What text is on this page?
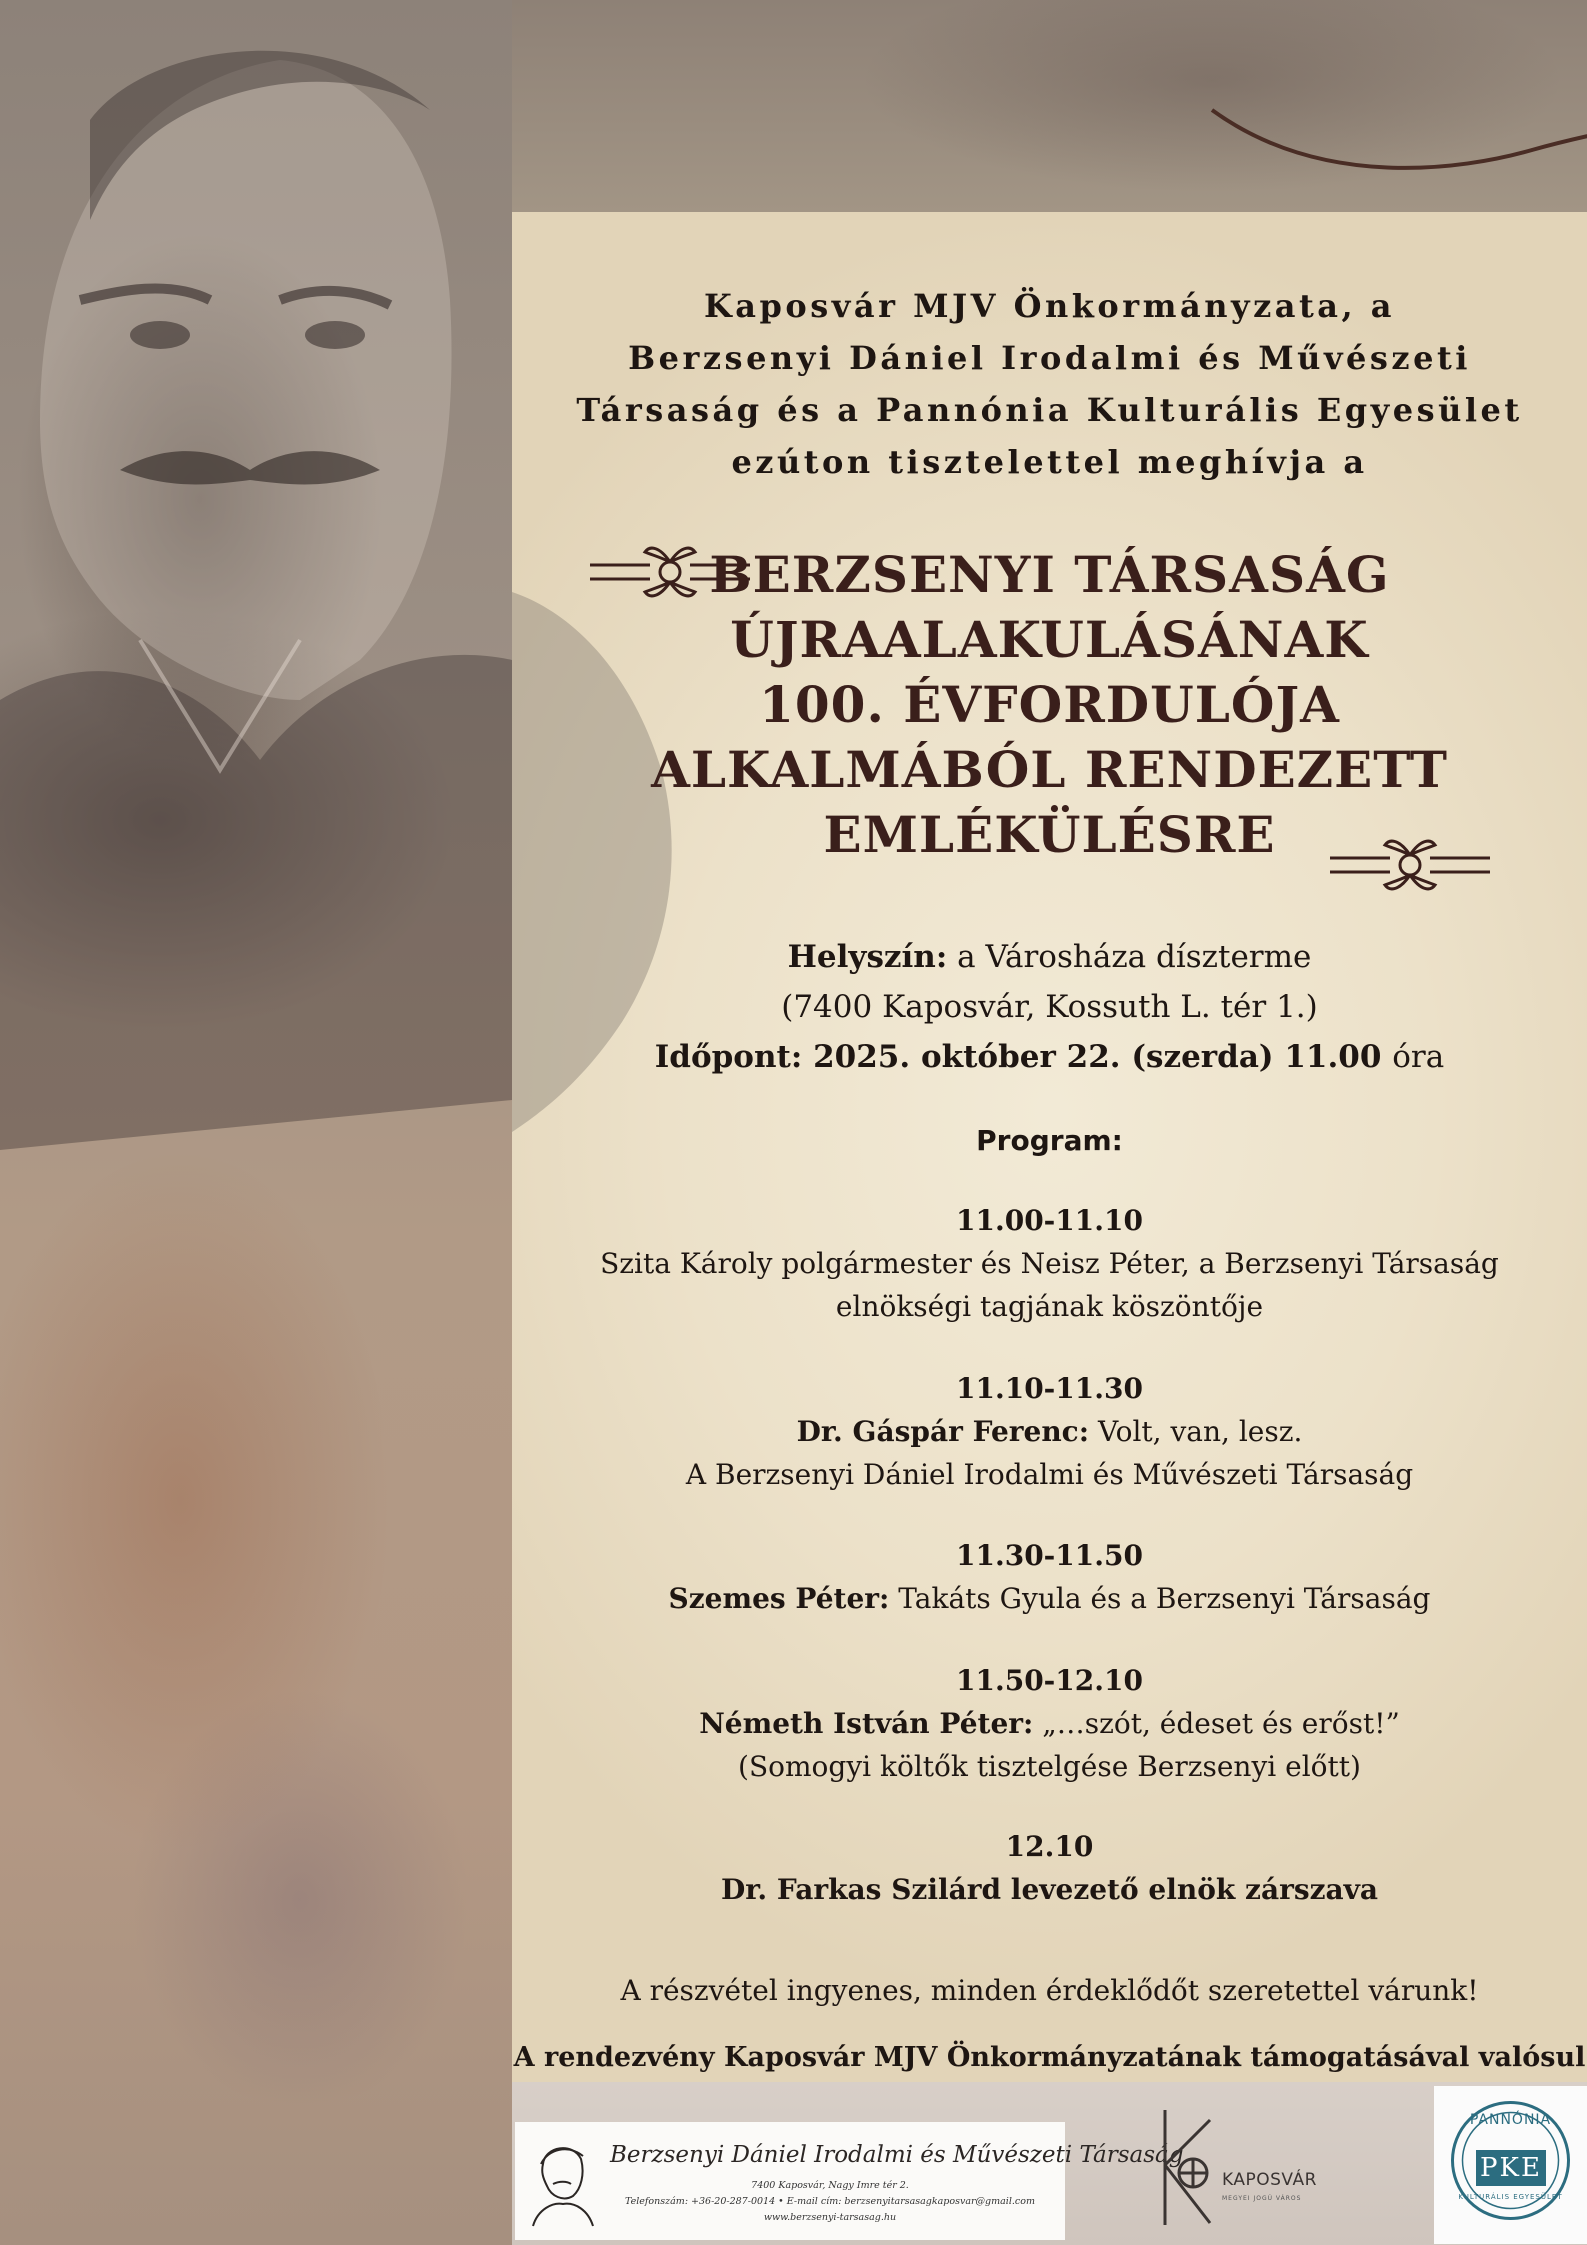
Kaposvár MJV Önkormányzata, a
Berzsenyi Dániel Irodalmi és Művészeti
Társaság és a Pannónia Kulturális Egyesület
ezúton tisztelettel meghívja a
BERZSENYI TÁRSASÁG
ÚJRAALAKULÁSÁNAK
100. ÉVFORDULÓJA
ALKALMÁBÓL RENDEZETT
EMLÉKÜLÉSRE
Helyszín: a Városháza díszterme
(7400 Kaposvár, Kossuth L. tér 1.)
Időpont: 2025. október 22. (szerda) 11.00 óra
Program:
11.00-11.10
Szita Károly polgármester és Neisz Péter, a Berzsenyi Társaság
elnökségi tagjának köszöntője
11.10-11.30
Dr. Gáspár Ferenc: Volt, van, lesz.
A Berzsenyi Dániel Irodalmi és Művészeti Társaság
11.30-11.50
Szemes Péter: Takáts Gyula és a Berzsenyi Társaság
11.50-12.10
Németh István Péter: „…szót, édeset és erőst!”
(Somogyi költők tisztelgése Berzsenyi előtt)
12.10
Dr. Farkas Szilárd levezető elnök zárszava
A részvétel ingyenes, minden érdeklődőt szeretettel várunk!
A rendezvény Kaposvár MJV Önkormányzatának támogatásával valósul
Berzsenyi Dániel Irodalmi és Művészeti Társaság
7400 Kaposvár, Nagy Imre tér 2.
Telefonszám: +36-20-287-0014 • E-mail cím: berzsenyitarsasagkaposvar@gmail.com
www.berzsenyi-tarsasag.hu
KAPOSVÁR
MEGYEI JOGÚ VÁROS
PANNÓNIA
PKE
KULTURÁLIS EGYESÜLET
